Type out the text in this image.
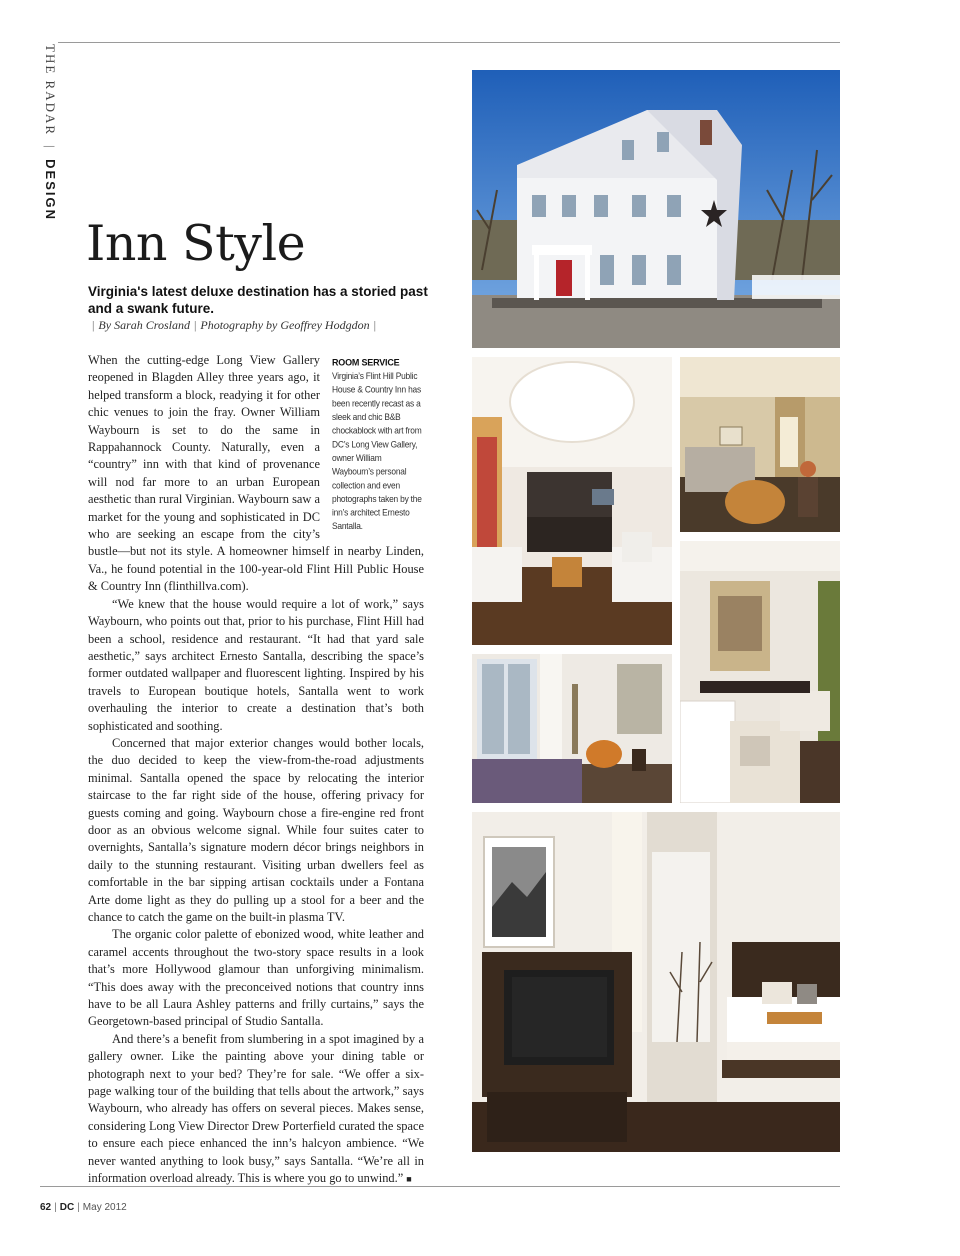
THE RADAR | DESIGN
Inn Style

Virginia's latest deluxe destination has a storied past and a swank future.

| By Sarah Crosland | Photography by Geoffrey Hodgdon |

ROOM SERVICE
Virginia’s Flint Hill Public House & Country Inn has been recently recast as a sleek and chic B&B chockablock with art from DC’s Long View Gallery, owner William Waybourn’s personal collection and even photographs taken by the inn’s architect Ernesto Santalla.
When the cutting-edge Long View Gallery reopened in Blagden Alley three years ago, it helped transform a block, readying it for other chic venues to join the fray. Owner William Waybourn is set to do the same in Rappahannock County. Naturally, even a “country” inn with that kind of provenance will nod far more to an urban European aesthetic than rural Virginian. Waybourn saw a market for the young and sophisticated in DC who are seeking an escape from the city’s bustle—but not its style. A homeowner himself in nearby Linden, Va., he found potential in the 100-year-old Flint Hill Public House & Country Inn (flinthillva.com).

“We knew that the house would require a lot of work,” says Waybourn, who points out that, prior to his purchase, Flint Hill had been a school, residence and restaurant. “It had that yard sale aesthetic,” says architect Ernesto Santalla, describing the space’s former outdated wallpaper and fluorescent lighting. Inspired by his travels to European boutique hotels, Santalla went to work overhauling the interior to create a destination that’s both sophisticated and soothing.

Concerned that major exterior changes would bother locals, the duo decided to keep the view-from-the-road adjustments minimal. Santalla opened the space by relocating the interior staircase to the far right side of the house, offering privacy for guests coming and going. Waybourn chose a fire-engine red front door as an obvious welcome signal. While four suites cater to overnights, Santalla’s signature modern décor brings neighbors in daily to the stunning restaurant. Visiting urban dwellers feel as comfortable in the bar sipping artisan cocktails under a Fontana Arte dome light as they do pulling up a stool for a beer and the chance to catch the game on the built-in plasma TV.

The organic color palette of ebonized wood, white leather and caramel accents throughout the two-story space results in a look that’s more Hollywood glamour than unforgiving minimalism. “This does away with the preconceived notions that country inns have to be all Laura Ashley patterns and frilly curtains,” says the Georgetown-based principal of Studio Santalla.

And there’s a benefit from slumbering in a spot imagined by a gallery owner. Like the painting above your dining table or photograph next to your bed? They’re for sale. “We offer a six-page walking tour of the building that tells about the artwork,” says Waybourn, who already has offers on several pieces. Makes sense, considering Long View Director Drew Porterfield curated the space to ensure each piece enhanced the inn’s halcyon ambience. “We never wanted anything to look busy,” says Santalla. “We’re all in information overload already. This is where you go to unwind.” ■

62 | DC | May 2012
